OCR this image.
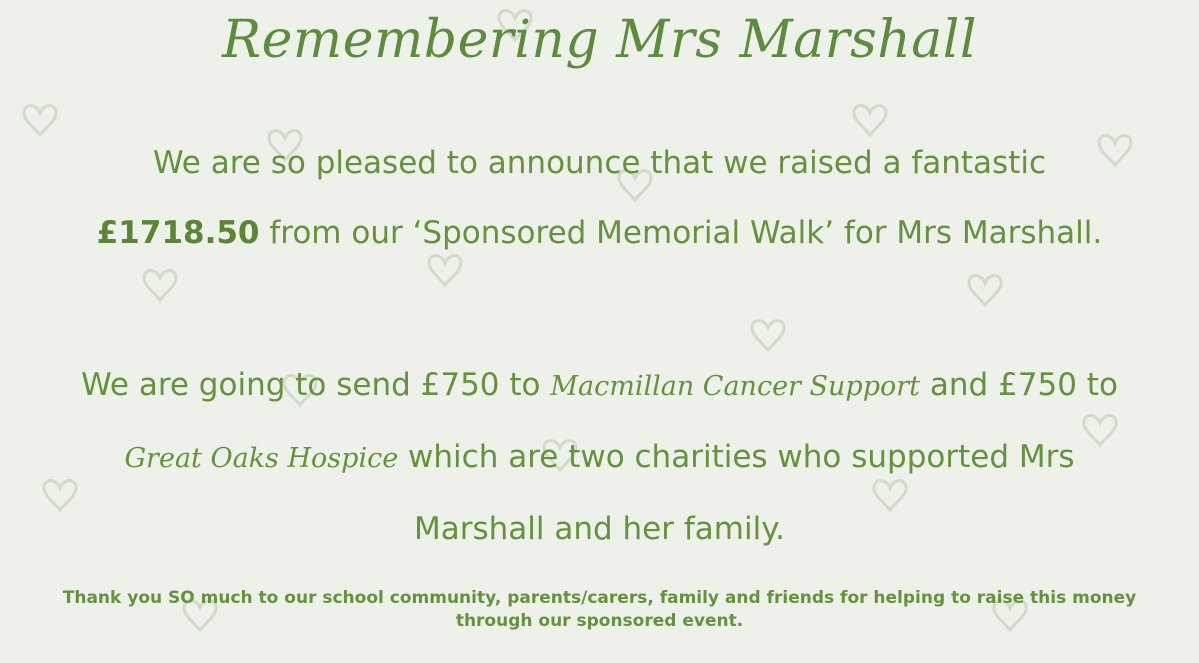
Remembering Mrs Marshall
We are so pleased to announce that we raised a fantastic
£1718.50 from our ‘Sponsored Memorial Walk’ for Mrs Marshall.
We are going to send £750 to Macmillan Cancer Support and £750 to Great Oaks Hospice which are two charities who supported Mrs Marshall and her family.
Thank you SO much to our school community, parents/carers, family and friends for helping to raise this money
through our sponsored event.
